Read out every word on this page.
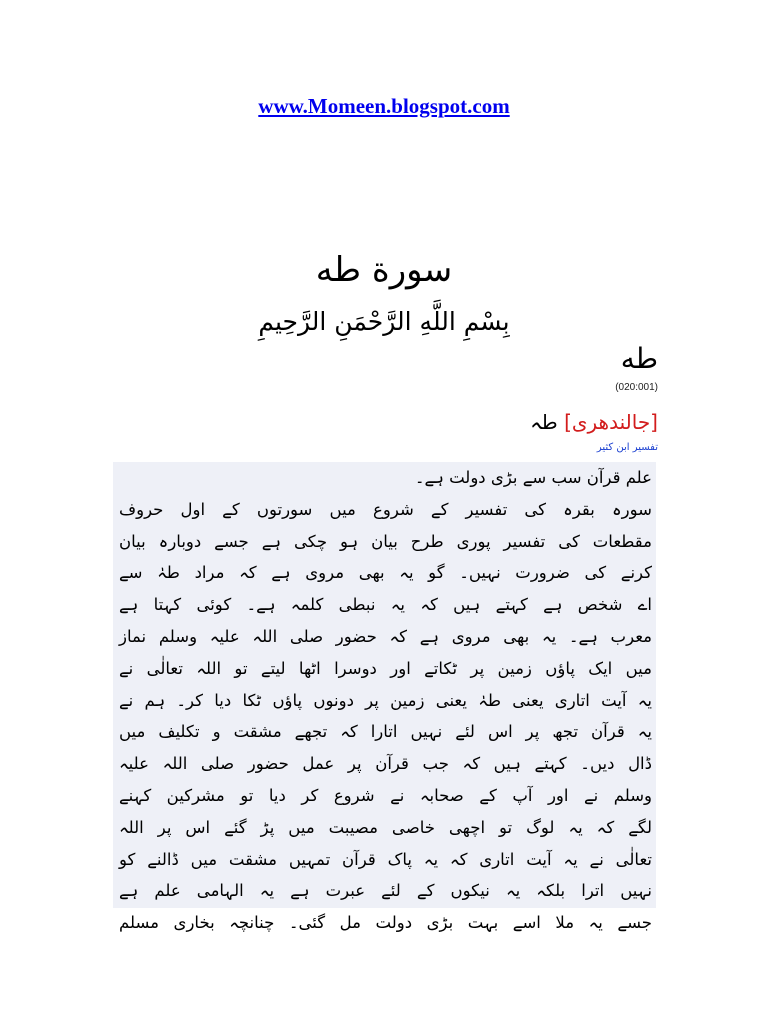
www.Momeen.blogspot.com
سورة طه
بِسْمِ اللَّهِ الرَّحْمَنِ الرَّحِيمِ
طه
(020:001)
[جالندھری] طہ
تفسیر ابن کثیر
علم قرآن سب سے بڑی دولت ہے۔
سورہ بقرہ کی تفسیر کے شروع میں سورتوں کے اول حروف
مقطعات کی تفسیر پوری طرح بیان ہو چکی ہے جسے دوبارہ بیان
کرنے کی ضرورت نہیں۔ گو یہ بھی مروی ہے کہ مراد طہٰ سے
اے شخص ہے کہتے ہیں کہ یہ نبطی کلمہ ہے۔ کوئی کہتا ہے
معرب ہے۔ یہ بھی مروی ہے کہ حضور صلی اللہ علیہ وسلم نماز
میں ایک پاؤں زمین پر ٹکاتے اور دوسرا اٹھا لیتے تو اللہ تعالٰی نے
یہ آیت اتاری یعنی طہٰ یعنی زمین پر دونوں پاؤں ٹکا دیا کر۔ ہم نے
یہ قرآن تجھ پر اس لئے نہیں اتارا کہ تجھے مشقت و تکلیف میں
ڈال دیں۔ کہتے ہیں کہ جب قرآن پر عمل حضور صلی اللہ علیہ
وسلم نے اور آپ کے صحابہ نے شروع کر دیا تو مشرکین کہنے
لگے کہ یہ لوگ تو اچھی خاصی مصیبت میں پڑ گئے اس پر اللہ
تعالٰی نے یہ آیت اتاری کہ یہ پاک قرآن تمہیں مشقت میں ڈالنے کو
نہیں اترا بلکہ یہ نیکوں کے لئے عبرت ہے یہ الہامی علم ہے
جسے یہ ملا اسے بہت بڑی دولت مل گئی۔ چنانچہ بخاری مسلم
